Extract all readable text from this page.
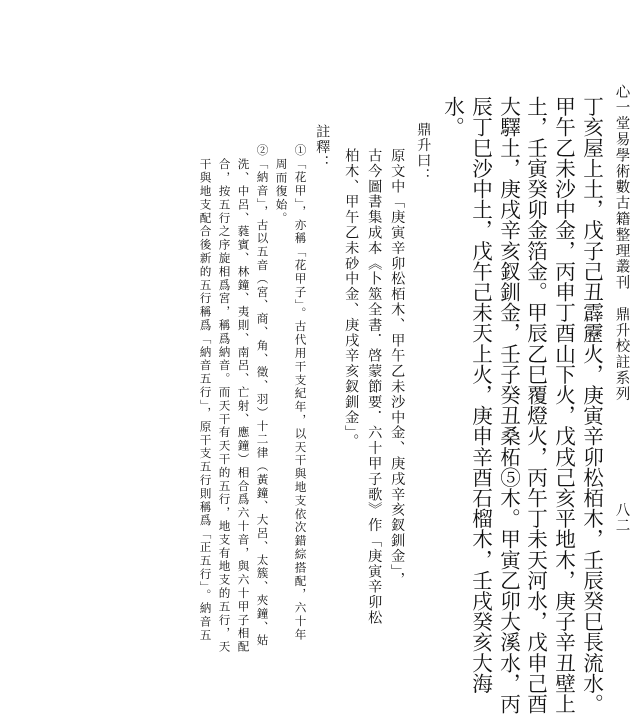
心一堂易學術數古籍整理叢刊　鼎升校註系列
八二
丁亥屋上土，戊子己丑霹靂火，庚寅辛卯松栢木，壬辰癸巳長流水。
甲午乙未沙中金，丙申丁酉山下火，戊戌己亥平地木，庚子辛丑壁上
土，壬寅癸卯金箔金。甲辰乙巳覆燈火，丙午丁未天河水，戊申己酉
大驛土，庚戌辛亥釵釧金，壬子癸丑桑柘⑤木。甲寅乙卯大溪水，丙
辰丁巳沙中土，戊午己未天上火，庚申辛酉石榴木，壬戌癸亥大海
水。
鼎升曰：
原文中「庚寅辛卯松栢木、甲午乙未沙中金、庚戌辛亥釵釧金」，
古今圖書集成本《卜筮全書．啓蒙節要．六十甲子歌》作「庚寅辛卯松
柏木、甲午乙未砂中金、庚戌辛亥釵釧金」。
註釋：
①「花甲」，亦稱「花甲子」。古代用干支紀年，以天干與地支依次錯綜搭配，六十年
周而復始。
②「納音」，古以五音（宮、商、角、徵、羽）十二律（黃鐘、大呂、太簇、夾鐘、姑
洗、中呂、蕤賓、林鐘、夷則、南呂、亡射、應鐘）相合爲六十音，與六十甲子相配
合，按五行之序旋相爲宮，稱爲納音。而天干有天干的五行，地支有地支的五行，天
干與地支配合後新的五行稱爲「納音五行」，原干支五行則稱爲「正五行」。納音五
